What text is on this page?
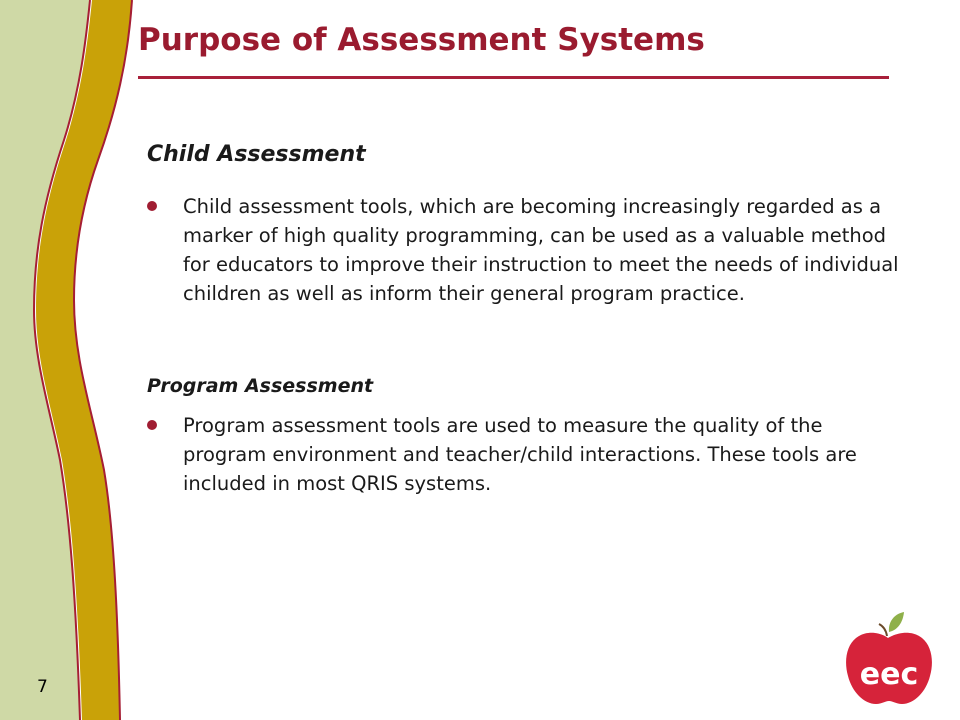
Purpose of Assessment Systems
Child Assessment

Child assessment tools, which are becoming increasingly regarded as a marker of high quality programming, can be used as a valuable method for educators to improve their instruction to meet the needs of individual children as well as inform their general program practice.

Program Assessment

Program assessment tools are used to measure the quality of the program environment and teacher/child interactions. These tools are included in most QRIS systems.

7	eec
